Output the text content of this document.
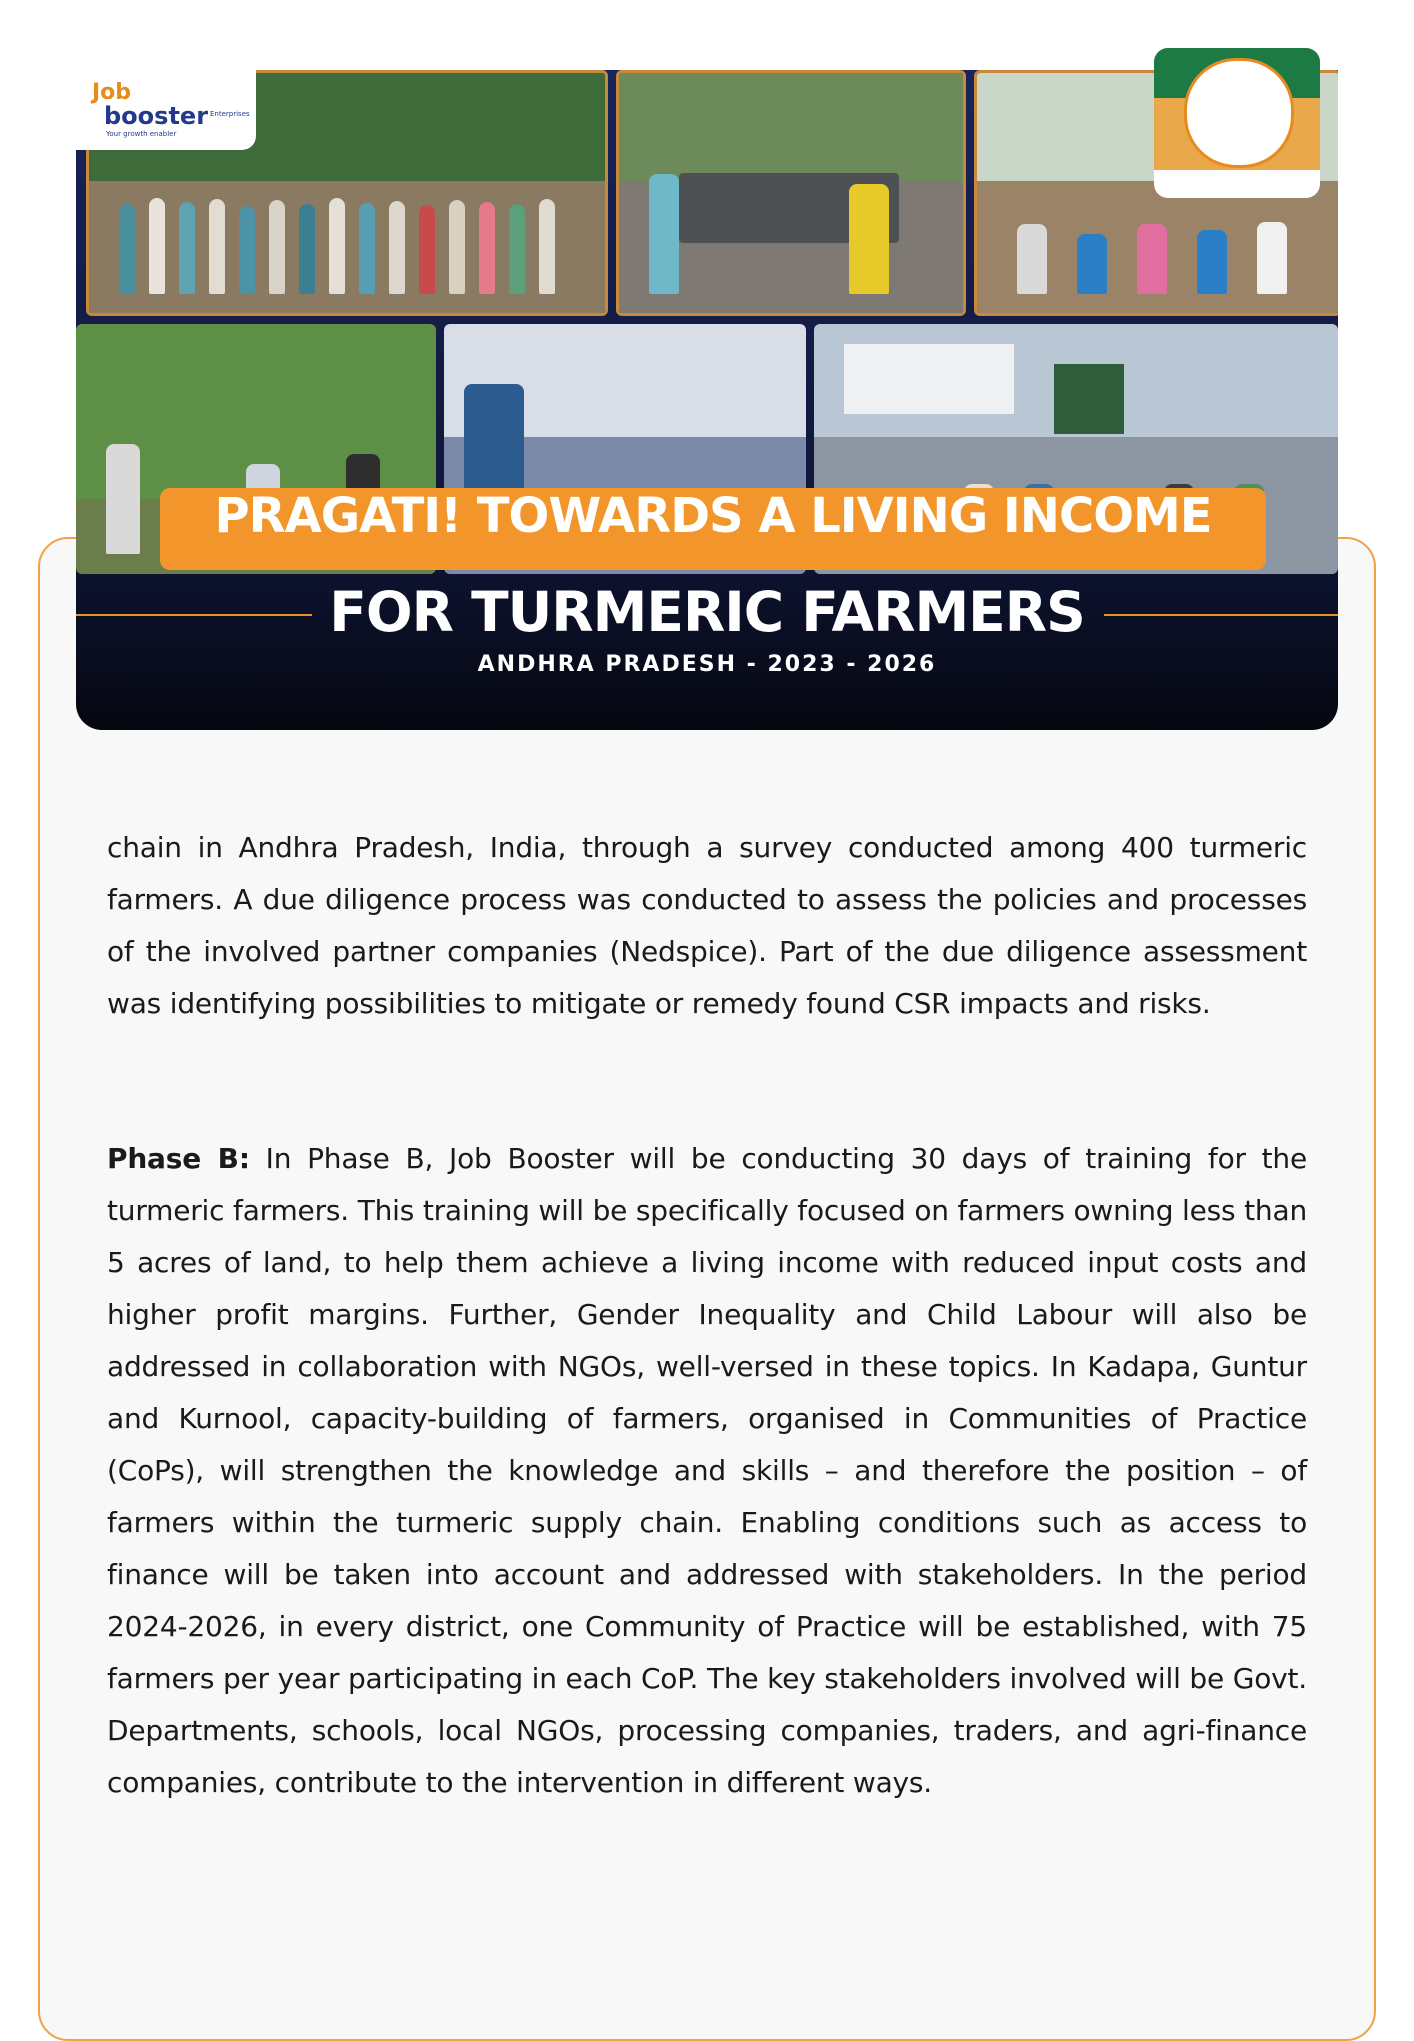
Job
booster Enterprises
Your growth enabler
PRAGATI! TOWARDS A LIVING INCOME
FOR TURMERIC FARMERS
ANDHRA PRADESH - 2023 - 2026

chain in Andhra Pradesh, India, through a survey conducted among 400 turmeric farmers. A due diligence process was conducted to assess the policies and processes of the involved partner companies (Nedspice). Part of the due diligence assessment was identifying possibilities to mitigate or remedy found CSR impacts and risks.

Phase B: In Phase B, Job Booster will be conducting 30 days of training for the turmeric farmers. This training will be specifically focused on farmers owning less than 5 acres of land, to help them achieve a living income with reduced input costs and higher profit margins. Further, Gender Inequality and Child Labour will also be addressed in collaboration with NGOs, well-versed in these topics. In Kadapa, Guntur and Kurnool, capacity-building of farmers, organised in Communities of Practice (CoPs), will strengthen the knowledge and skills – and therefore the position – of farmers within the turmeric supply chain. Enabling conditions such as access to finance will be taken into account and addressed with stakeholders. In the period 2024-2026, in every district, one Community of Practice will be established, with 75 farmers per year participating in each CoP. The key stakeholders involved will be Govt. Departments, schools, local NGOs, processing companies, traders, and agri-finance companies, contribute to the intervention in different ways.
